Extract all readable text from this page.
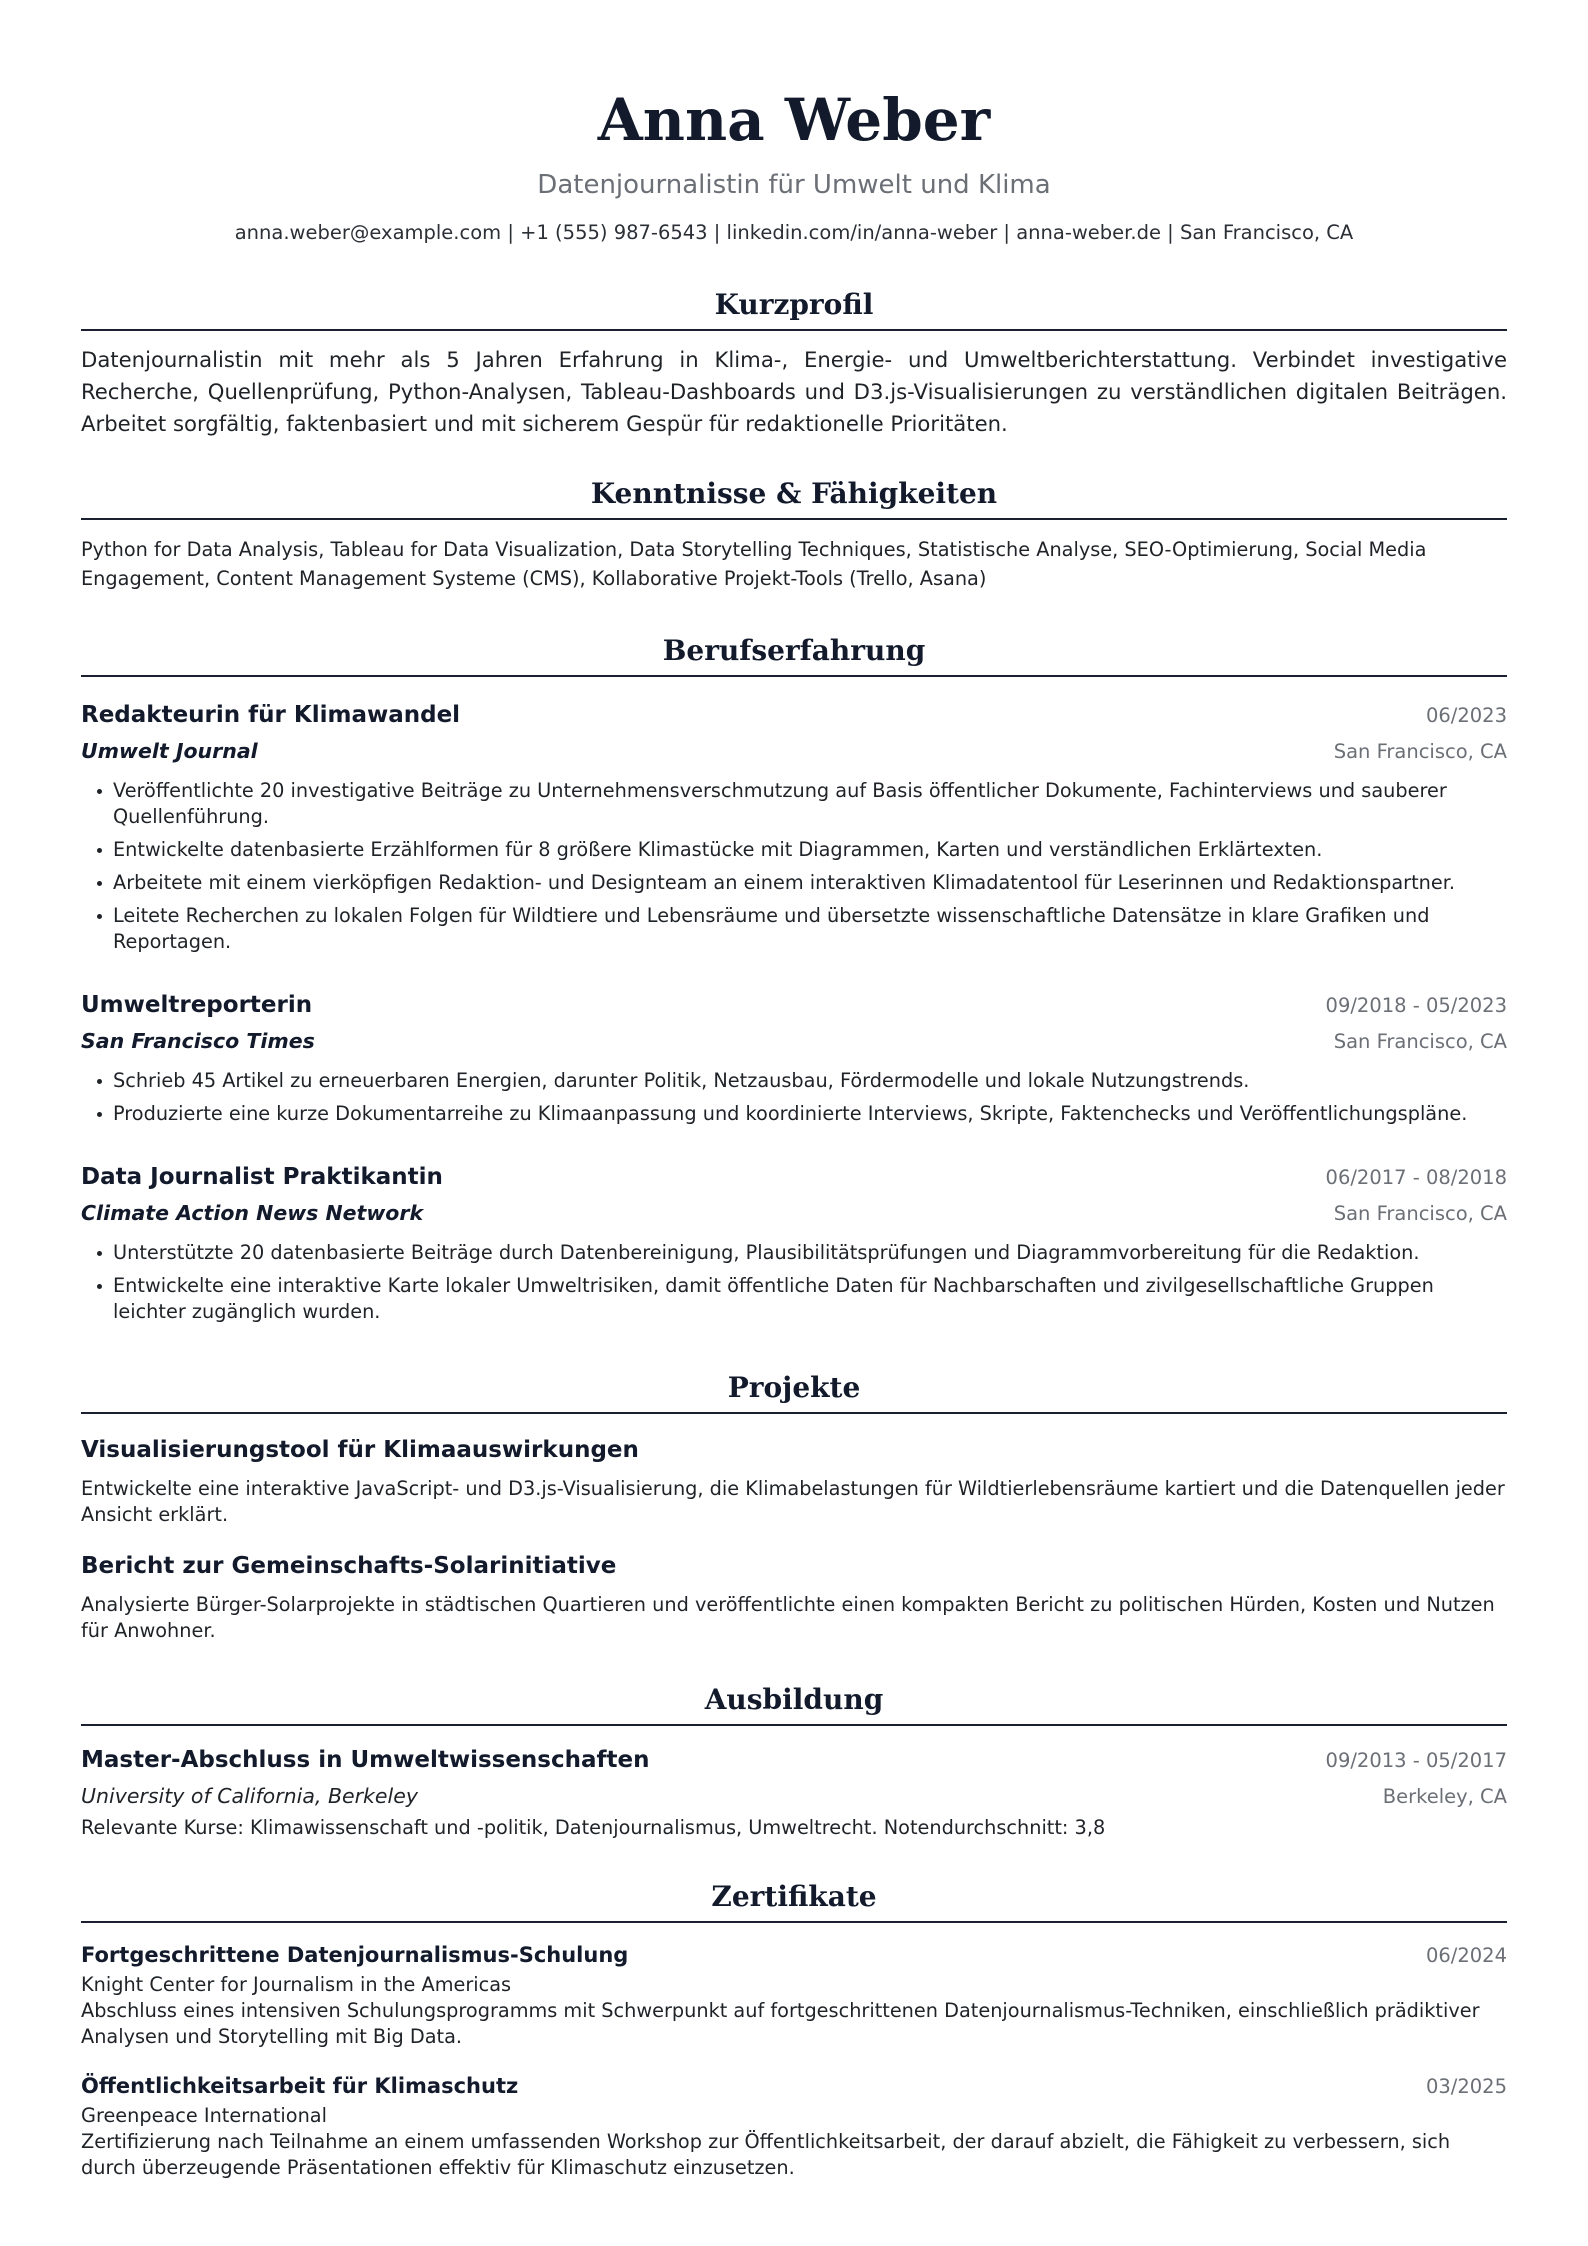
Anna Weber
Datenjournalistin für Umwelt und Klima
anna.weber@example.com | +1 (555) 987-6543 | linkedin.com/in/anna-weber | anna-weber.de | San Francisco, CA
Kurzprofil
Datenjournalistin mit mehr als 5 Jahren Erfahrung in Klima-, Energie- und Umweltberichterstattung. Verbindet investigative Recherche, Quellenprüfung, Python-Analysen, Tableau-Dashboards und D3.js-Visualisierungen zu verständlichen digitalen Beiträgen. Arbeitet sorgfältig, faktenbasiert und mit sicherem Gespür für redaktionelle Prioritäten.
Kenntnisse & Fähigkeiten
Python for Data Analysis, Tableau for Data Visualization, Data Storytelling Techniques, Statistische Analyse, SEO-Optimierung, Social Media Engagement, Content Management Systeme (CMS), Kollaborative Projekt-Tools (Trello, Asana)
Berufserfahrung
Redakteurin für Klimawandel	06/2023
Umwelt Journal	San Francisco, CA
Veröffentlichte 20 investigative Beiträge zu Unternehmensverschmutzung auf Basis öffentlicher Dokumente, Fachinterviews und sauberer Quellenführung.
Entwickelte datenbasierte Erzählformen für 8 größere Klimastücke mit Diagrammen, Karten und verständlichen Erklärtexten.
Arbeitete mit einem vierköpfigen Redaktion- und Designteam an einem interaktiven Klimadatentool für Leserinnen und Redaktionspartner.
Leitete Recherchen zu lokalen Folgen für Wildtiere und Lebensräume und übersetzte wissenschaftliche Datensätze in klare Grafiken und Reportagen.
Umweltreporterin	09/2018 - 05/2023
San Francisco Times	San Francisco, CA
Schrieb 45 Artikel zu erneuerbaren Energien, darunter Politik, Netzausbau, Fördermodelle und lokale Nutzungstrends.
Produzierte eine kurze Dokumentarreihe zu Klimaanpassung und koordinierte Interviews, Skripte, Faktenchecks und Veröffentlichungspläne.
Data Journalist Praktikantin	06/2017 - 08/2018
Climate Action News Network	San Francisco, CA
Unterstützte 20 datenbasierte Beiträge durch Datenbereinigung, Plausibilitätsprüfungen und Diagrammvorbereitung für die Redaktion.
Entwickelte eine interaktive Karte lokaler Umweltrisiken, damit öffentliche Daten für Nachbarschaften und zivilgesellschaftliche Gruppen leichter zugänglich wurden.
Projekte
Visualisierungstool für Klimaauswirkungen
Entwickelte eine interaktive JavaScript- und D3.js-Visualisierung, die Klimabelastungen für Wildtierlebensräume kartiert und die Datenquellen jeder Ansicht erklärt.
Bericht zur Gemeinschafts-Solarinitiative
Analysierte Bürger-Solarprojekte in städtischen Quartieren und veröffentlichte einen kompakten Bericht zu politischen Hürden, Kosten und Nutzen für Anwohner.
Ausbildung
Master-Abschluss in Umweltwissenschaften	09/2013 - 05/2017
University of California, Berkeley	Berkeley, CA
Relevante Kurse: Klimawissenschaft und -politik, Datenjournalismus, Umweltrecht. Notendurchschnitt: 3,8
Zertifikate
Fortgeschrittene Datenjournalismus-Schulung	06/2024
Knight Center for Journalism in the Americas
Abschluss eines intensiven Schulungsprogramms mit Schwerpunkt auf fortgeschrittenen Datenjournalismus-Techniken, einschließlich prädiktiver Analysen und Storytelling mit Big Data.
Öffentlichkeitsarbeit für Klimaschutz	03/2025
Greenpeace International
Zertifizierung nach Teilnahme an einem umfassenden Workshop zur Öffentlichkeitsarbeit, der darauf abzielt, die Fähigkeit zu verbessern, sich durch überzeugende Präsentationen effektiv für Klimaschutz einzusetzen.
